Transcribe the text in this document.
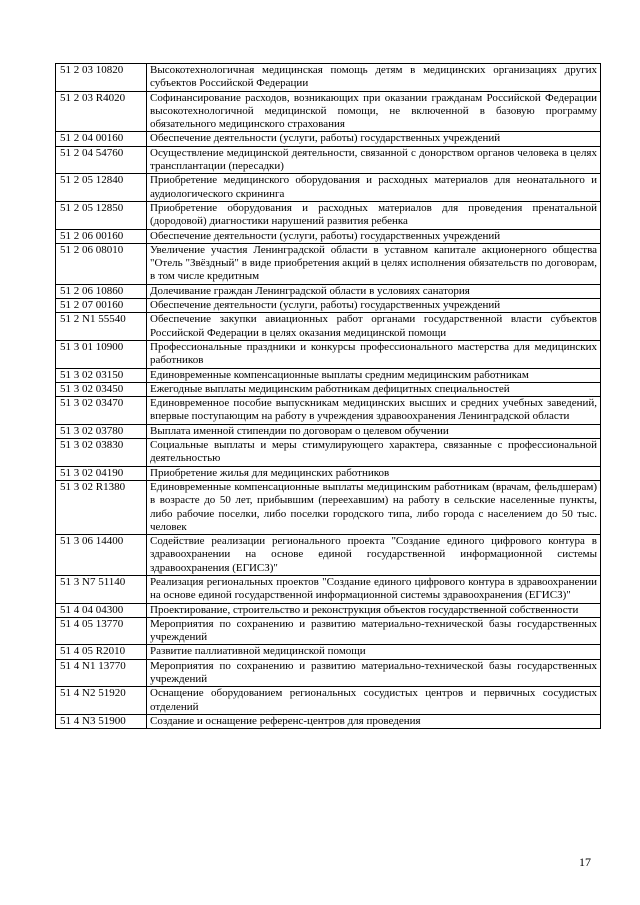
51 2 03 10820	Высокотехнологичная медицинская помощь детям в медицинских организациях других субъектов Российской Федерации
51 2 03 R4020	Софинансирование расходов, возникающих при оказании гражданам Российской Федерации высокотехнологичной медицинской помощи, не включенной в базовую программу обязательного медицинского страхования
51 2 04 00160	Обеспечение деятельности (услуги, работы) государственных учреждений
51 2 04 54760	Осуществление медицинской деятельности, связанной с донорством органов человека в целях трансплантации (пересадки)
51 2 05 12840	Приобретение медицинского оборудования и расходных материалов для неонатального и аудиологического скрининга
51 2 05 12850	Приобретение оборудования и расходных материалов для проведения пренатальной (дородовой) диагностики нарушений развития ребенка
51 2 06 00160	Обеспечение деятельности (услуги, работы) государственных учреждений
51 2 06 08010	Увеличение участия Ленинградской области в уставном капитале акционерного общества "Отель "Звёздный" в виде приобретения акций в целях исполнения обязательств по договорам, в том числе кредитным
51 2 06 10860	Долечивание граждан Ленинградской области в условиях санатория
51 2 07 00160	Обеспечение деятельности (услуги, работы) государственных учреждений
51 2 N1 55540	Обеспечение закупки авиационных работ органами государственной власти субъектов Российской Федерации в целях оказания медицинской помощи
51 3 01 10900	Профессиональные праздники и конкурсы профессионального мастерства для медицинских работников
51 3 02 03150	Единовременные компенсационные выплаты средним медицинским работникам
51 3 02 03450	Ежегодные выплаты медицинским работникам дефицитных специальностей
51 3 02 03470	Единовременное пособие выпускникам медицинских высших и средних учебных заведений, впервые поступающим на работу в учреждения здравоохранения Ленинградской области
51 3 02 03780	Выплата именной стипендии по договорам о целевом обучении
51 3 02 03830	Социальные выплаты и меры стимулирующего характера, связанные с профессиональной деятельностью
51 3 02 04190	Приобретение жилья для медицинских работников
51 3 02 R1380	Единовременные компенсационные выплаты медицинским работникам (врачам, фельдшерам) в возрасте до 50 лет, прибывшим (переехавшим) на работу в сельские населенные пункты, либо рабочие поселки, либо поселки городского типа, либо города с населением до 50 тыс. человек
51 3 06 14400	Содействие реализации регионального проекта "Создание единого цифрового контура в здравоохранении на основе единой государственной информационной системы здравоохранения (ЕГИСЗ)"
51 3 N7 51140	Реализация региональных проектов "Создание единого цифрового контура в здравоохранении на основе единой государственной информационной системы здравоохранения (ЕГИСЗ)"
51 4 04 04300	Проектирование, строительство и реконструкция объектов государственной собственности
51 4 05 13770	Мероприятия по сохранению и развитию материально-технической базы государственных учреждений
51 4 05 R2010	Развитие паллиативной медицинской помощи
51 4 N1 13770	Мероприятия по сохранению и развитию материально-технической базы государственных учреждений
51 4 N2 51920	Оснащение оборудованием региональных сосудистых центров и первичных сосудистых отделений
51 4 N3 51900	Создание и оснащение референс-центров для проведения
17
